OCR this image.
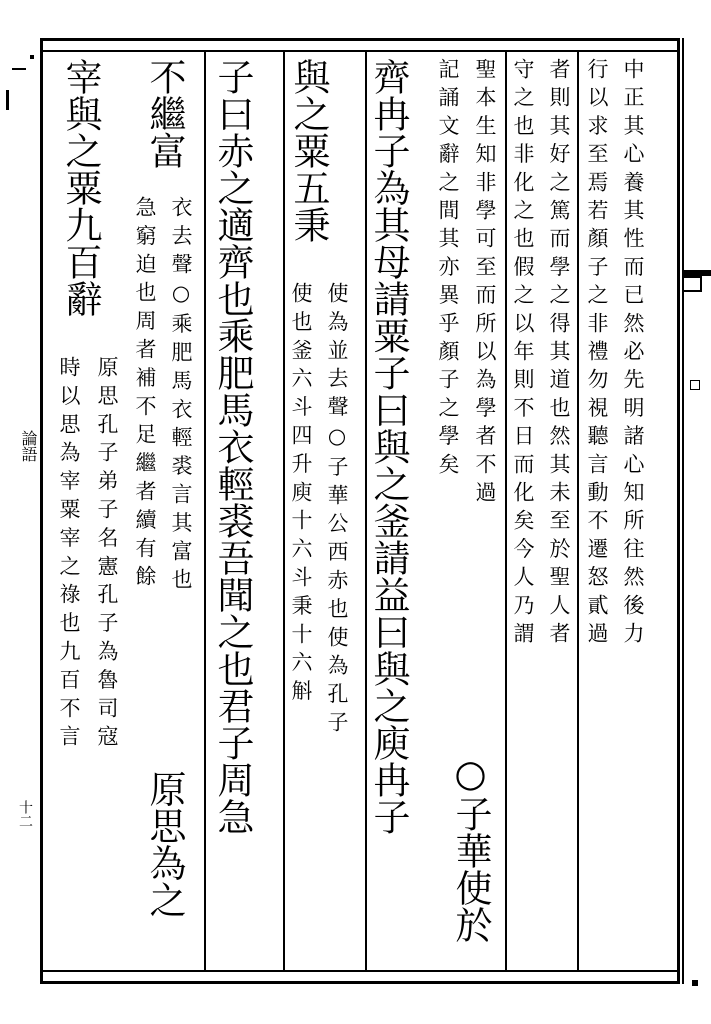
論語
十二
中正其心養其性而已然必先明諸心知所往然後力
行以求至焉若顏子之非禮勿視聽言動不遷怒貳過
者則其好之篤而學之得其道也然其未至於聖人者
守之也非化之也假之以年則不日而化矣今人乃謂
聖本生知非學可至而所以為學者不過
記誦文辭之間其亦異乎顏子之學矣
○子華使於
齊冉子為其母請粟子曰與之釜請益曰與之庾冉子
與之粟五秉
使為並去聲○子華公西赤也使為孔子
使也釜六斗四升庾十六斗秉十六斛
子曰赤之適齊也乘肥馬衣輕裘吾聞之也君子周急
不繼富
衣去聲○乘肥馬衣輕裘言其富也
急窮迫也周者補不足繼者續有餘
原思為之
宰與之粟九百辭
原思孔子弟子名憲孔子為魯司寇
時以思為宰粟宰之祿也九百不言
